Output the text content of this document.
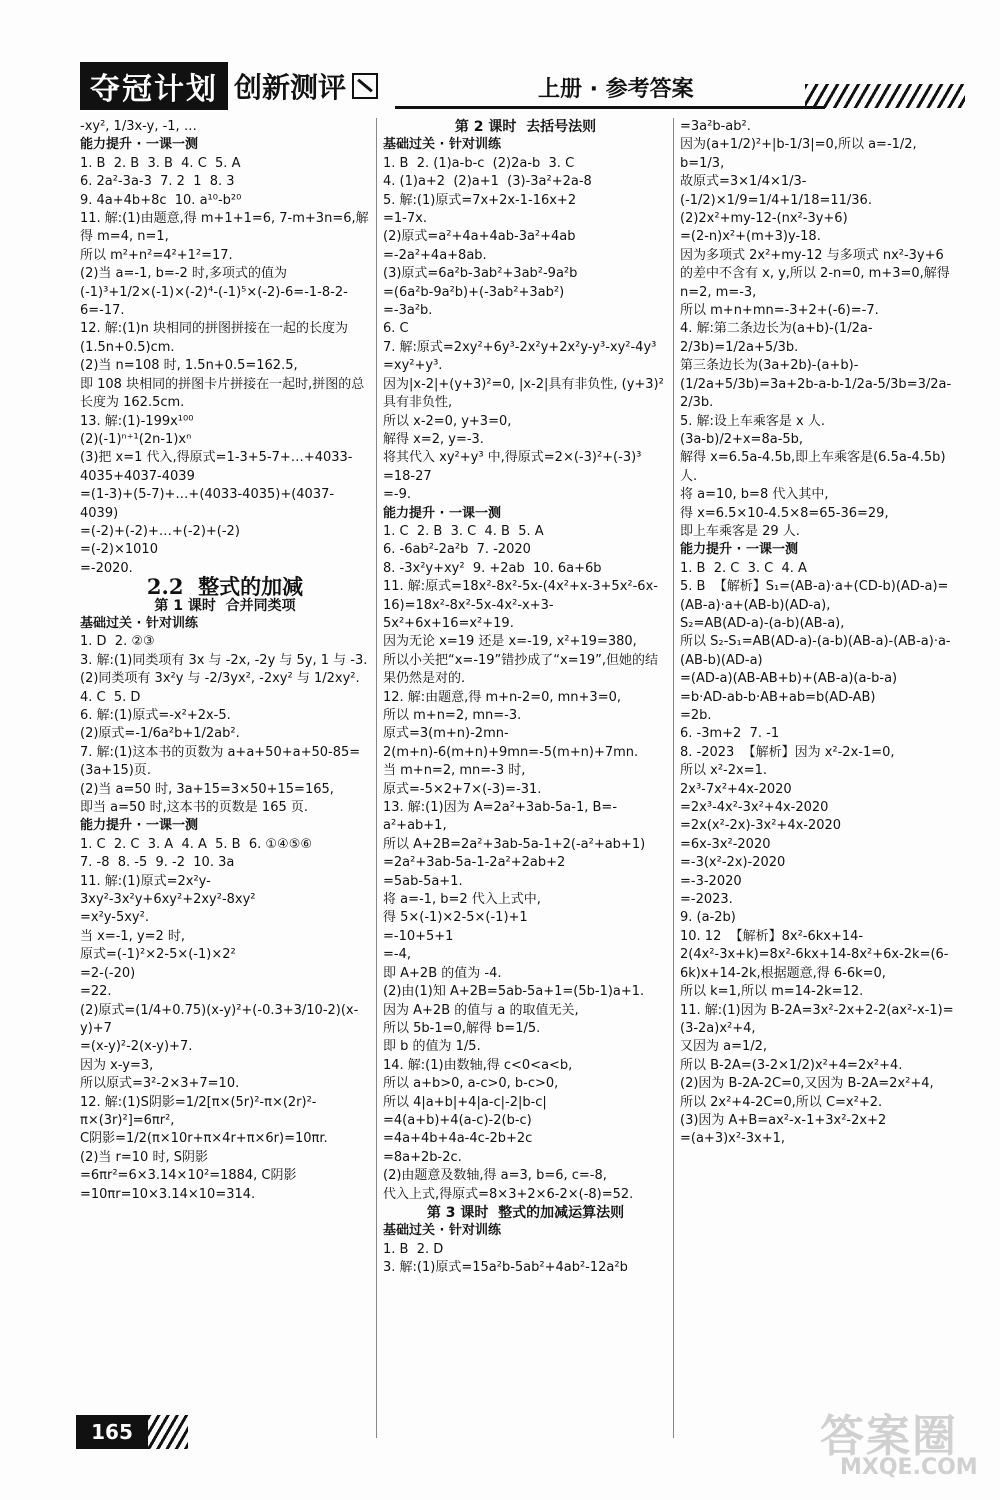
夺冠计划 创新测评	上册 · 参考答案

-xy², 1/3x-y, -1, …

能力提升 · 一课一测

1. B  2. B  3. B  4. C  5. A

6. 2a²-3a-3  7. 2  1  8. 3

9. 4a+4b+8c  10. a¹⁰-b²⁰

11. 解:(1)由题意,得 m+1+1=6, 7-m+3n=6,解得 m=4, n=1,

所以 m²+n²=4²+1²=17.

(2)当 a=-1, b=-2 时,多项式的值为

(-1)³+1/2×(-1)×(-2)⁴-(-1)⁵×(-2)-6=-1-8-2-6=-17.

12. 解:(1)n 块相同的拼图拼接在一起的长度为(1.5n+0.5)cm.

(2)当 n=108 时, 1.5n+0.5=162.5,

即 108 块相同的拼图卡片拼接在一起时,拼图的总长度为 162.5cm.

13. 解:(1)-199x¹⁰⁰

(2)(-1)ⁿ⁺¹(2n-1)xⁿ

(3)把 x=1 代入,得原式=1-3+5-7+…+4033-4035+4037-4039

=(1-3)+(5-7)+…+(4033-4035)+(4037-4039)

=(-2)+(-2)+…+(-2)+(-2)

=(-2)×1010

=-2020.

2.2  整式的加减

第 1 课时  合并同类项

基础过关 · 针对训练

1. D  2. ②③

3. 解:(1)同类项有 3x 与 -2x, -2y 与 5y, 1 与 -3.

(2)同类项有 3x²y 与 -2/3yx², -2xy² 与 1/2xy².

4. C  5. D

6. 解:(1)原式=-x²+2x-5.

(2)原式=-1/6a²b+1/2ab².

7. 解:(1)这本书的页数为 a+a+50+a+50-85=(3a+15)页.

(2)当 a=50 时, 3a+15=3×50+15=165,

即当 a=50 时,这本书的页数是 165 页.

能力提升 · 一课一测

1. C  2. C  3. A  4. A  5. B  6. ①④⑤⑥

7. -8  8. -5  9. -2  10. 3a

11. 解:(1)原式=2x²y-3xy²-3x²y+6xy²+2xy²-8xy²

=x²y-5xy².

当 x=-1, y=2 时,

原式=(-1)²×2-5×(-1)×2²

=2-(-20)

=22.

(2)原式=(1/4+0.75)(x-y)²+(-0.3+3/10-2)(x-y)+7

=(x-y)²-2(x-y)+7.

因为 x-y=3,

所以原式=3²-2×3+7=10.

12. 解:(1)S阴影=1/2[π×(5r)²-π×(2r)²-π×(3r)²]=6πr²,

C阴影=1/2(π×10r+π×4r+π×6r)=10πr.

(2)当 r=10 时, S阴影=6πr²=6×3.14×10²=1884, C阴影=10πr=10×3.14×10=314.

第 2 课时  去括号法则

基础过关 · 针对训练

1. B  2. (1)a-b-c  (2)2a-b  3. C

4. (1)a+2  (2)a+1  (3)-3a²+2a-8

5. 解:(1)原式=7x+2x-1-16x+2

=1-7x.

(2)原式=a²+4a+4ab-3a²+4ab

=-2a²+4a+8ab.

(3)原式=6a²b-3ab²+3ab²-9a²b

=(6a²b-9a²b)+(-3ab²+3ab²)

=-3a²b.

6. C

7. 解:原式=2xy²+6y³-2x²y+2x²y-y³-xy²-4y³

=xy²+y³.

因为|x-2|+(y+3)²=0, |x-2|具有非负性, (y+3)²具有非负性,

所以 x-2=0, y+3=0,

解得 x=2, y=-3.

将其代入 xy²+y³ 中,得原式=2×(-3)²+(-3)³

=18-27

=-9.

能力提升 · 一课一测

1. C  2. B  3. C  4. B  5. A

6. -6ab²-2a²b  7. -2020

8. -3x²y+xy²  9. +2ab  10. 6a+6b

11. 解:原式=18x²-8x²-5x-(4x²+x-3+5x²-6x-16)=18x²-8x²-5x-4x²-x+3-5x²+6x+16=x²+19.

因为无论 x=19 还是 x=-19, x²+19=380,

所以小关把“x=-19”错抄成了“x=19”,但她的结果仍然是对的.

12. 解:由题意,得 m+n-2=0, mn+3=0,

所以 m+n=2, mn=-3.

原式=3(m+n)-2mn-2(m+n)-6(m+n)+9mn=-5(m+n)+7mn.

当 m+n=2, mn=-3 时,

原式=-5×2+7×(-3)=-31.

13. 解:(1)因为 A=2a²+3ab-5a-1, B=-a²+ab+1,

所以 A+2B=2a²+3ab-5a-1+2(-a²+ab+1)

=2a²+3ab-5a-1-2a²+2ab+2

=5ab-5a+1.

将 a=-1, b=2 代入上式中,

得 5×(-1)×2-5×(-1)+1

=-10+5+1

=-4,

即 A+2B 的值为 -4.

(2)由(1)知 A+2B=5ab-5a+1=(5b-1)a+1.

因为 A+2B 的值与 a 的取值无关,

所以 5b-1=0,解得 b=1/5.

即 b 的值为 1/5.

14. 解:(1)由数轴,得 c<0<a<b,

所以 a+b>0, a-c>0, b-c>0,

所以 4|a+b|+4|a-c|-2|b-c|

=4(a+b)+4(a-c)-2(b-c)

=4a+4b+4a-4c-2b+2c

=8a+2b-2c.

(2)由题意及数轴,得 a=3, b=6, c=-8,

代入上式,得原式=8×3+2×6-2×(-8)=52.

第 3 课时  整式的加减运算法则

基础过关 · 针对训练

1. B  2. D

3. 解:(1)原式=15a²b-5ab²+4ab²-12a²b

=3a²b-ab².

因为(a+1/2)²+|b-1/3|=0,所以 a=-1/2, b=1/3,

故原式=3×1/4×1/3-(-1/2)×1/9=1/4+1/18=11/36.

(2)2x²+my-12-(nx²-3y+6)

=(2-n)x²+(m+3)y-18.

因为多项式 2x²+my-12 与多项式 nx²-3y+6 的差中不含有 x, y,所以 2-n=0, m+3=0,解得 n=2, m=-3,

所以 m+n+mn=-3+2+(-6)=-7.

4. 解:第二条边长为(a+b)-(1/2a-2/3b)=1/2a+5/3b.

第三条边长为(3a+2b)-(a+b)-(1/2a+5/3b)=3a+2b-a-b-1/2a-5/3b=3/2a-2/3b.

5. 解:设上车乘客是 x 人.

(3a-b)/2+x=8a-5b,

解得 x=6.5a-4.5b,即上车乘客是(6.5a-4.5b)人.

将 a=10, b=8 代入其中,

得 x=6.5×10-4.5×8=65-36=29,

即上车乘客是 29 人.

能力提升 · 一课一测

1. B  2. C  3. C  4. A

5. B  【解析】S₁=(AB-a)·a+(CD-b)(AD-a)=(AB-a)·a+(AB-b)(AD-a),

S₂=AB(AD-a)-(a-b)(AB-a),

所以 S₂-S₁=AB(AD-a)-(a-b)(AB-a)-(AB-a)·a-(AB-b)(AD-a)

=(AD-a)(AB-AB+b)+(AB-a)(a-b-a)

=b·AD-ab-b·AB+ab=b(AD-AB)

=2b.

6. -3m+2  7. -1

8. -2023  【解析】因为 x²-2x-1=0,

所以 x²-2x=1.

2x³-7x²+4x-2020

=2x³-4x²-3x²+4x-2020

=2x(x²-2x)-3x²+4x-2020

=6x-3x²-2020

=-3(x²-2x)-2020

=-3-2020

=-2023.

9. (a-2b)

10. 12  【解析】8x²-6kx+14-2(4x²-3x+k)=8x²-6kx+14-8x²+6x-2k=(6-6k)x+14-2k,根据题意,得 6-6k=0,

所以 k=1,所以 m=14-2k=12.

11. 解:(1)因为 B-2A=3x²-2x+2-2(ax²-x-1)=(3-2a)x²+4,

又因为 a=1/2,

所以 B-2A=(3-2×1/2)x²+4=2x²+4.

(2)因为 B-2A-2C=0,又因为 B-2A=2x²+4,

所以 2x²+4-2C=0,所以 C=x²+2.

(3)因为 A+B=ax²-x-1+3x²-2x+2

=(a+3)x²-3x+1,

165	答案圈
MXQE.COM
